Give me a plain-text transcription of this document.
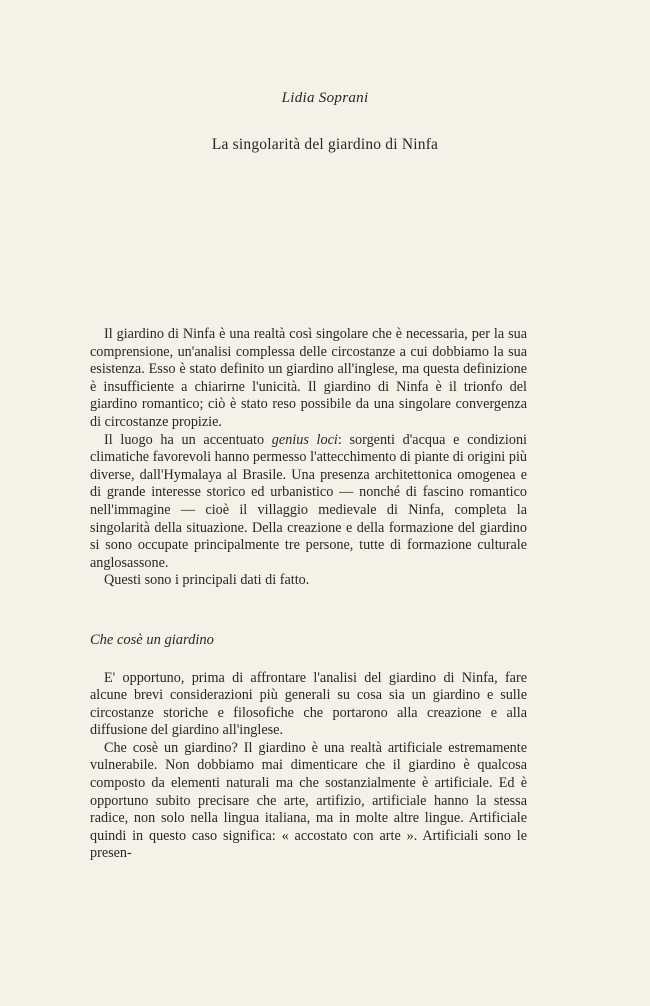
Lidia Soprani
La singolarità del giardino di Ninfa

Il giardino di Ninfa è una realtà così singolare che è necessaria, per la sua comprensione, un'analisi complessa delle circostanze a cui dobbiamo la sua esistenza. Esso è stato definito un giardino all'inglese, ma questa definizione è insufficiente a chiarirne l'unicità. Il giardino di Ninfa è il trionfo del giardino romantico; ciò è stato reso possibile da una singolare convergenza di circostanze propizie.

Il luogo ha un accentuato genius loci: sorgenti d'acqua e condizioni climatiche favorevoli hanno permesso l'attecchimento di piante di origini più diverse, dall'Hymalaya al Brasile. Una presenza architettonica omogenea e di grande interesse storico ed urbanistico — nonché di fascino romantico nell'immagine — cioè il villaggio medievale di Ninfa, completa la singolarità della situazione. Della creazione e della formazione del giardino si sono occupate principalmente tre persone, tutte di formazione culturale anglosassone.

Questi sono i principali dati di fatto.

Che cosè un giardino

E' opportuno, prima di affrontare l'analisi del giardino di Ninfa, fare alcune brevi considerazioni più generali su cosa sia un giardino e sulle circostanze storiche e filosofiche che portarono alla creazione e alla diffusione del giardino all'inglese.

Che cosè un giardino? Il giardino è una realtà artificiale estremamente vulnerabile. Non dobbiamo mai dimenticare che il giardino è qualcosa composto da elementi naturali ma che sostanzialmente è artificiale. Ed è opportuno subito precisare che arte, artifizio, artificiale hanno la stessa radice, non solo nella lingua italiana, ma in molte altre lingue. Artificiale quindi in questo caso significa: « accostato con arte ». Artificiali sono le presen-
